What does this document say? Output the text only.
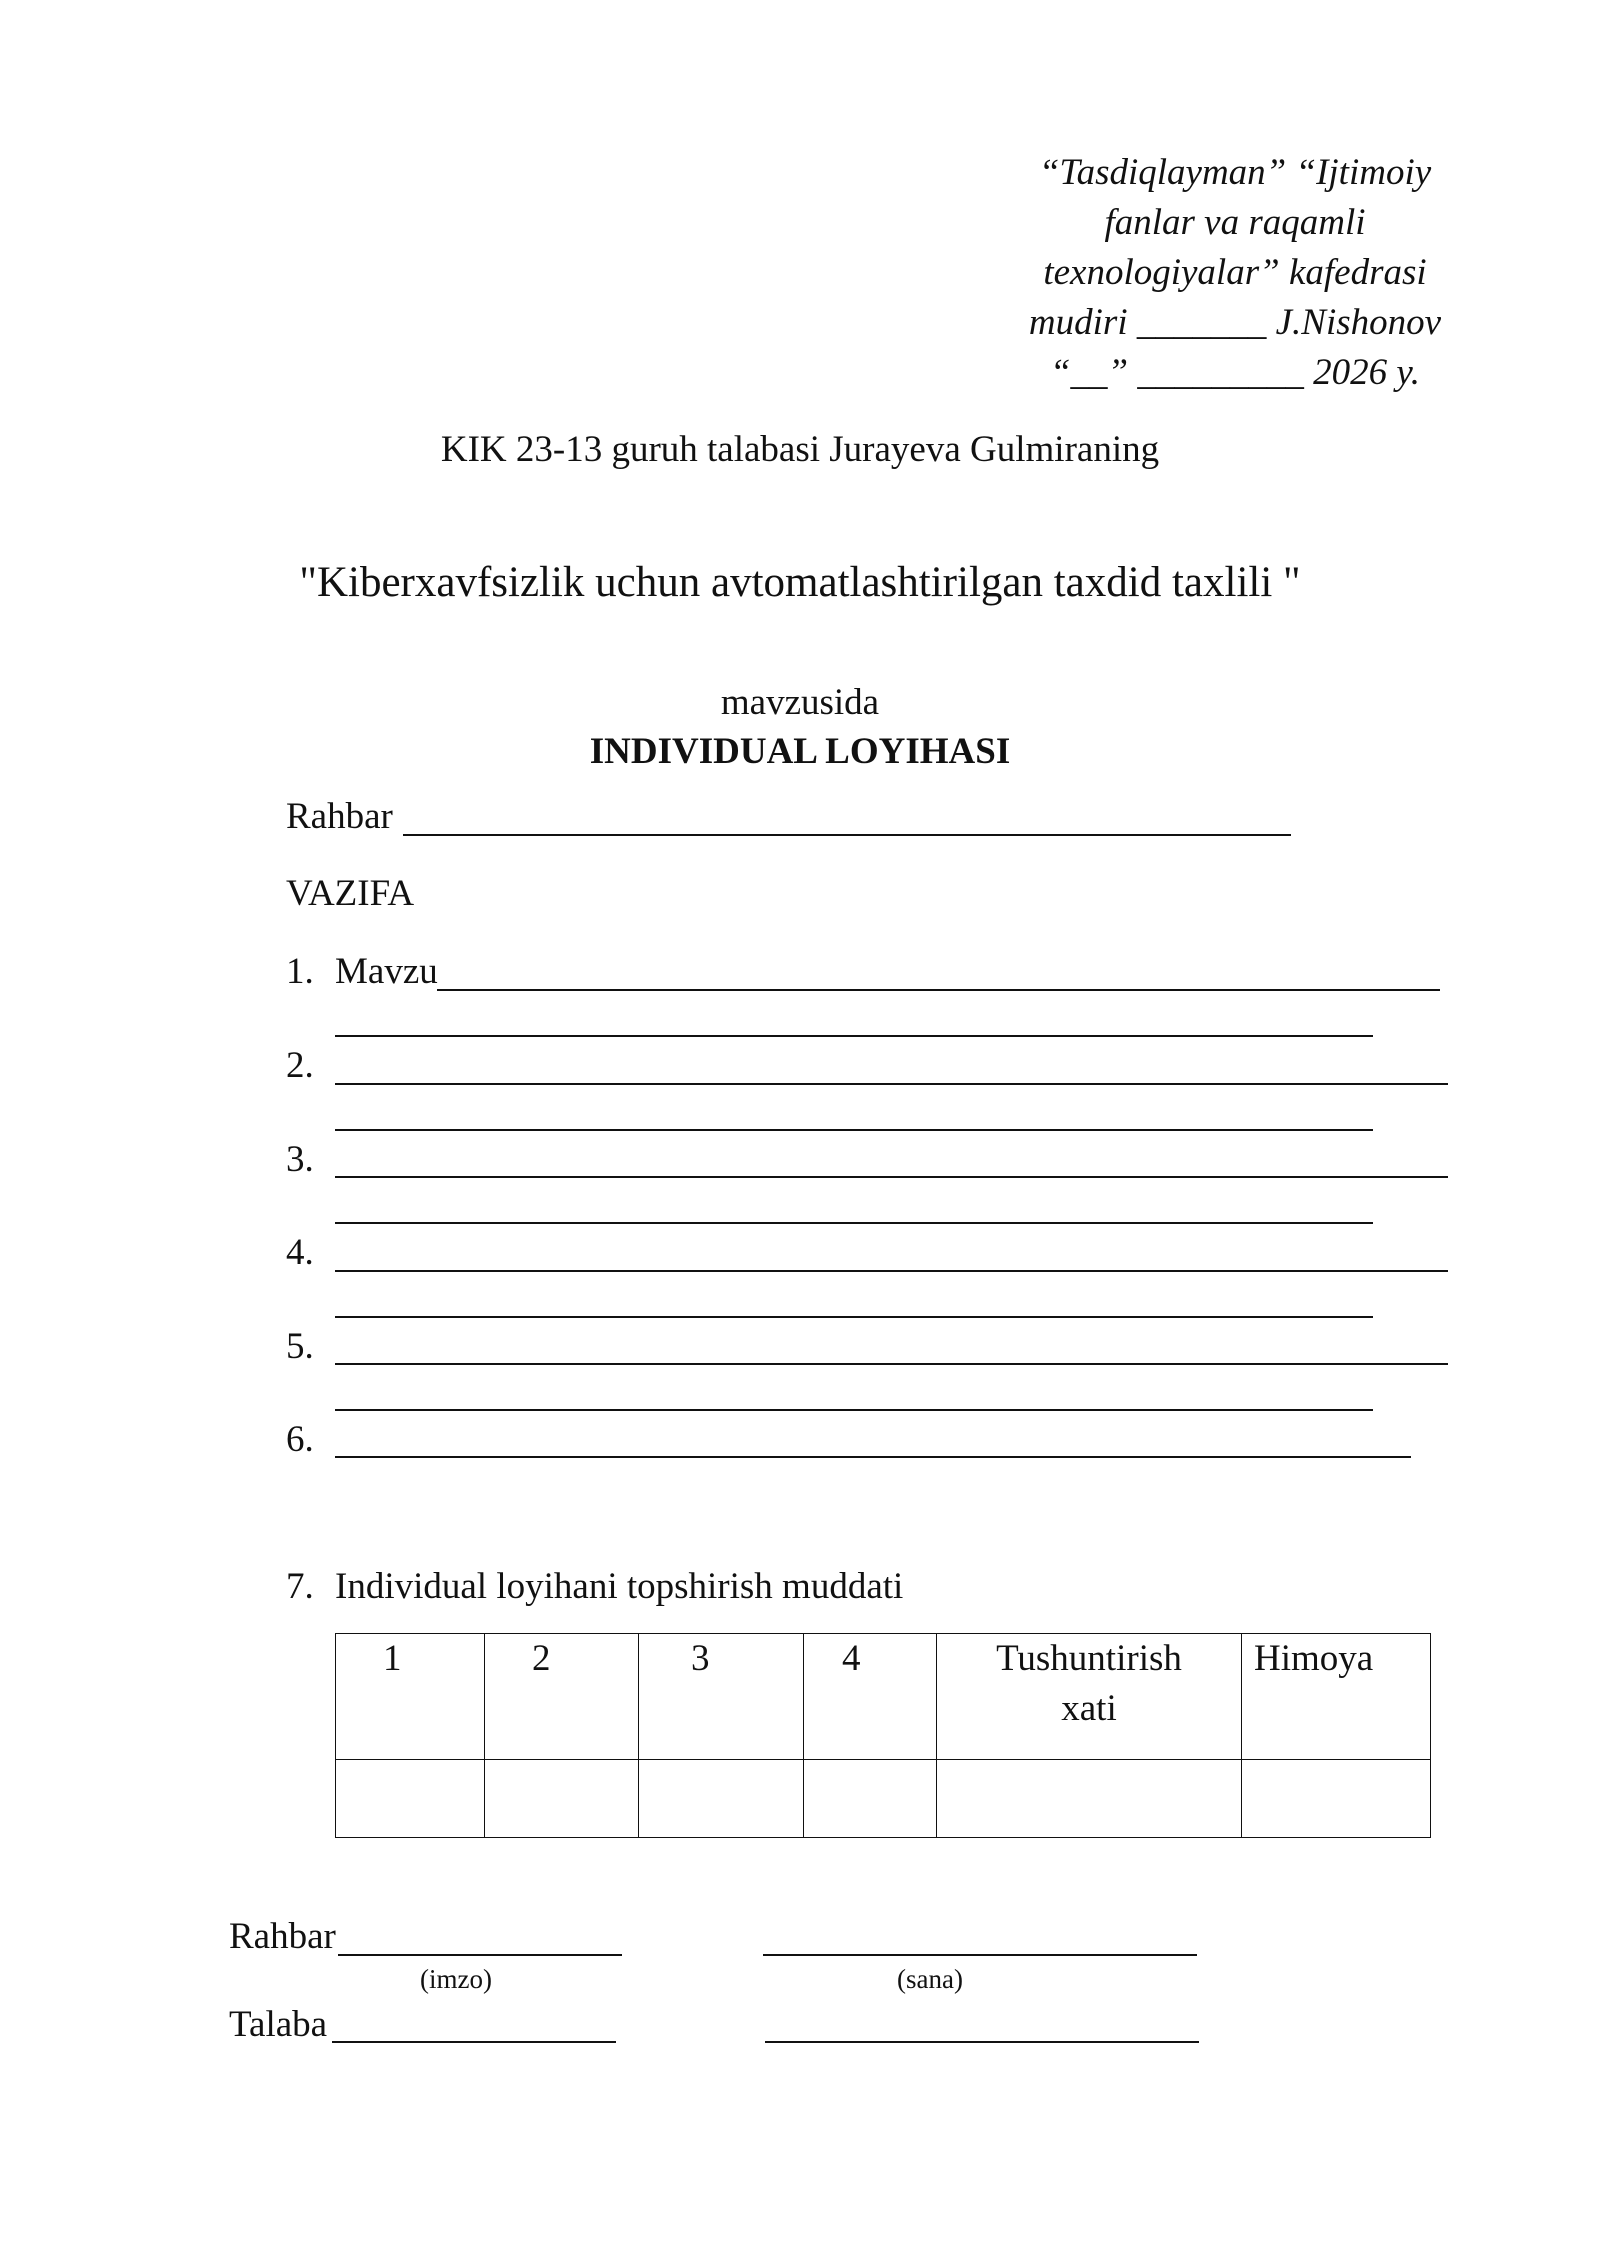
“Tasdiqlayman” “Ijtimoiy
fanlar va raqamli
texnologiyalar” kafedrasi
mudiri _______ J.Nishonov
“__” _________ 2026 y.
KIK 23-13 guruh talabasi Jurayeva Gulmiraning
"Kiberxavfsizlik uchun avtomatlashtirilgan taxdid taxlili "
mavzusida
INDIVIDUAL LOYIHASI
Rahbar
VAZIFA
1. Mavzu
2.
3.
4.
5.
6.
7. Individual loyihani topshirish muddati
1	2	3	4	Tushuntirish xati	Himoya

Rahbar
(imzo)	(sana)
Talaba
